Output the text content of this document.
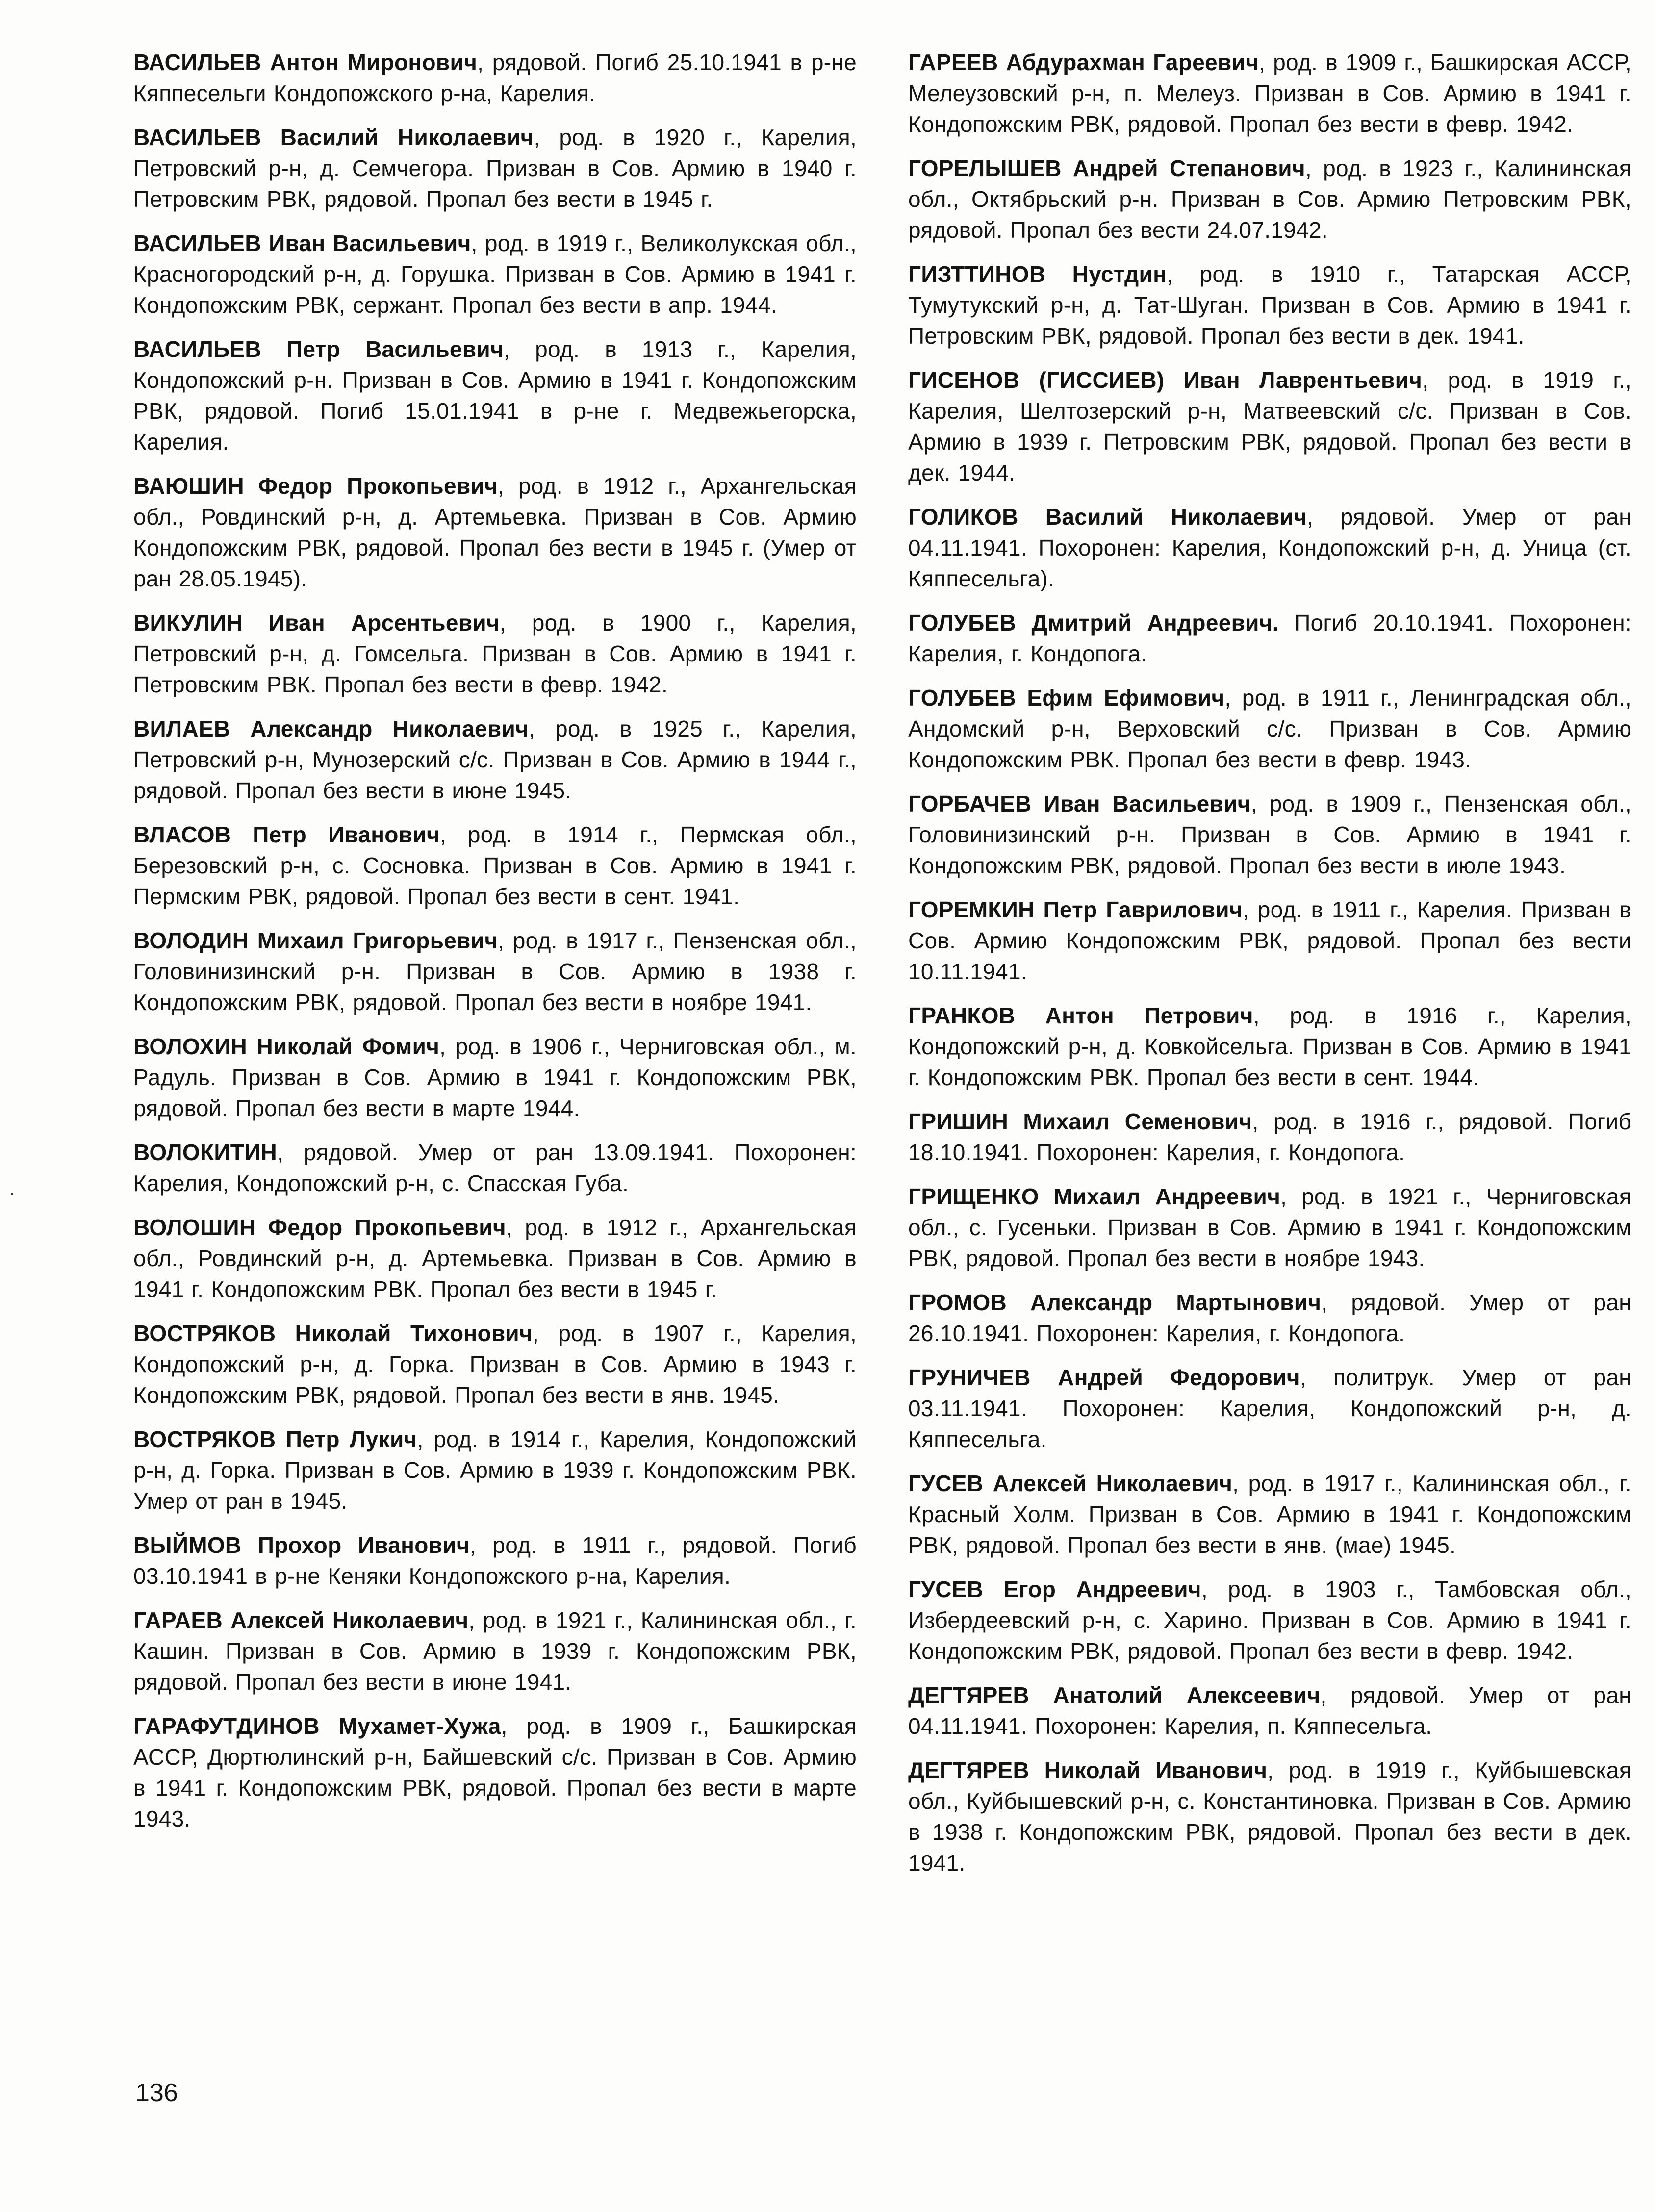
ВАСИЛЬЕВ Антон Миронович, рядовой. Погиб 25.10.1941 в р-не Кяппесельги Кондопожского р-на, Карелия.

ВАСИЛЬЕВ Василий Николаевич, род. в 1920 г., Карелия, Петровский р-н, д. Семчегора. Призван в Сов. Армию в 1940 г. Петровским РВК, рядовой. Пропал без вести в 1945 г.

ВАСИЛЬЕВ Иван Васильевич, род. в 1919 г., Великолукская обл., Красногородский р-н, д. Горушка. Призван в Сов. Армию в 1941 г. Кондопожским РВК, сержант. Пропал без вести в апр. 1944.

ВАСИЛЬЕВ Петр Васильевич, род. в 1913 г., Карелия, Кондопожский р-н. Призван в Сов. Армию в 1941 г. Кондопожским РВК, рядовой. Погиб 15.01.1941 в р-не г. Медвежьегорска, Карелия.

ВАЮШИН Федор Прокопьевич, род. в 1912 г., Архангельская обл., Ровдинский р-н, д. Артемьевка. Призван в Сов. Армию Кондопожским РВК, рядовой. Пропал без вести в 1945 г. (Умер от ран 28.05.1945).

ВИКУЛИН Иван Арсентьевич, род. в 1900 г., Карелия, Петровский р-н, д. Гомсельга. Призван в Сов. Армию в 1941 г. Петровским РВК. Пропал без вести в февр. 1942.

ВИЛАЕВ Александр Николаевич, род. в 1925 г., Карелия, Петровский р-н, Мунозерский с/с. Призван в Сов. Армию в 1944 г., рядовой. Пропал без вести в июне 1945.

ВЛАСОВ Петр Иванович, род. в 1914 г., Пермская обл., Березовский р-н, с. Сосновка. Призван в Сов. Армию в 1941 г. Пермским РВК, рядовой. Пропал без вести в сент. 1941.

ВОЛОДИН Михаил Григорьевич, род. в 1917 г., Пензенская обл., Головинизинский р-н. Призван в Сов. Армию в 1938 г. Кондопожским РВК, рядовой. Пропал без вести в ноябре 1941.

ВОЛОХИН Николай Фомич, род. в 1906 г., Черниговская обл., м. Радуль. Призван в Сов. Армию в 1941 г. Кондопожским РВК, рядовой. Пропал без вести в марте 1944.

ВОЛОКИТИН, рядовой. Умер от ран 13.09.1941. Похоронен: Карелия, Кондопожский р-н, с. Спасская Губа.

ВОЛОШИН Федор Прокопьевич, род. в 1912 г., Архангельская обл., Ровдинский р-н, д. Артемьевка. Призван в Сов. Армию в 1941 г. Кондопожским РВК. Пропал без вести в 1945 г.

ВОСТРЯКОВ Николай Тихонович, род. в 1907 г., Карелия, Кондопожский р-н, д. Горка. Призван в Сов. Армию в 1943 г. Кондопожским РВК, рядовой. Пропал без вести в янв. 1945.

ВОСТРЯКОВ Петр Лукич, род. в 1914 г., Карелия, Кондопожский р-н, д. Горка. Призван в Сов. Армию в 1939 г. Кондопожским РВК. Умер от ран в 1945.

ВЫЙМОВ Прохор Иванович, род. в 1911 г., рядовой. Погиб 03.10.1941 в р-не Кеняки Кондопожского р-на, Карелия.

ГАРАЕВ Алексей Николаевич, род. в 1921 г., Калининская обл., г. Кашин. Призван в Сов. Армию в 1939 г. Кондопожским РВК, рядовой. Пропал без вести в июне 1941.

ГАРАФУТДИНОВ Мухамет-Хужа, род. в 1909 г., Башкирская АССР, Дюртюлинский р-н, Байшевский с/с. Призван в Сов. Армию в 1941 г. Кондопожским РВК, рядовой. Пропал без вести в марте 1943.

ГАРЕЕВ Абдурахман Гареевич, род. в 1909 г., Башкирская АССР, Мелеузовский р-н, п. Мелеуз. Призван в Сов. Армию в 1941 г. Кондопожским РВК, рядовой. Пропал без вести в февр. 1942.

ГОРЕЛЫШЕВ Андрей Степанович, род. в 1923 г., Калининская обл., Октябрьский р-н. Призван в Сов. Армию Петровским РВК, рядовой. Пропал без вести 24.07.1942.

ГИЗТТИНОВ Нустдин, род. в 1910 г., Татарская АССР, Тумутукский р-н, д. Тат-Шуган. Призван в Сов. Армию в 1941 г. Петровским РВК, рядовой. Пропал без вести в дек. 1941.

ГИСЕНОВ (ГИССИЕВ) Иван Лаврентьевич, род. в 1919 г., Карелия, Шелтозерский р-н, Матвеевский с/с. Призван в Сов. Армию в 1939 г. Петровским РВК, рядовой. Пропал без вести в дек. 1944.

ГОЛИКОВ Василий Николаевич, рядовой. Умер от ран 04.11.1941. Похоронен: Карелия, Кондопожский р-н, д. Уница (ст. Кяппесельга).

ГОЛУБЕВ Дмитрий Андреевич. Погиб 20.10.1941. Похоронен: Карелия, г. Кондопога.

ГОЛУБЕВ Ефим Ефимович, род. в 1911 г., Ленинградская обл., Андомский р-н, Верховский с/с. Призван в Сов. Армию Кондопожским РВК. Пропал без вести в февр. 1943.

ГОРБАЧЕВ Иван Васильевич, род. в 1909 г., Пензенская обл., Головинизинский р-н. Призван в Сов. Армию в 1941 г. Кондопожским РВК, рядовой. Пропал без вести в июле 1943.

ГОРЕМКИН Петр Гаврилович, род. в 1911 г., Карелия. Призван в Сов. Армию Кондопожским РВК, рядовой. Пропал без вести 10.11.1941.

ГРАНКОВ Антон Петрович, род. в 1916 г., Карелия, Кондопожский р-н, д. Ковкойсельга. Призван в Сов. Армию в 1941 г. Кондопожским РВК. Пропал без вести в сент. 1944.

ГРИШИН Михаил Семенович, род. в 1916 г., рядовой. Погиб 18.10.1941. Похоронен: Карелия, г. Кондопога.

ГРИЩЕНКО Михаил Андреевич, род. в 1921 г., Черниговская обл., с. Гусеньки. Призван в Сов. Армию в 1941 г. Кондопожским РВК, рядовой. Пропал без вести в ноябре 1943.

ГРОМОВ Александр Мартынович, рядовой. Умер от ран 26.10.1941. Похоронен: Карелия, г. Кондопога.

ГРУНИЧЕВ Андрей Федорович, политрук. Умер от ран 03.11.1941. Похоронен: Карелия, Кондопожский р-н, д. Кяппесельга.

ГУСЕВ Алексей Николаевич, род. в 1917 г., Калининская обл., г. Красный Холм. Призван в Сов. Армию в 1941 г. Кондопожским РВК, рядовой. Пропал без вести в янв. (мае) 1945.

ГУСЕВ Егор Андреевич, род. в 1903 г., Тамбовская обл., Избердеевский р-н, с. Харино. Призван в Сов. Армию в 1941 г. Кондопожским РВК, рядовой. Пропал без вести в февр. 1942.

ДЕГТЯРЕВ Анатолий Алексеевич, рядовой. Умер от ран 04.11.1941. Похоронен: Карелия, п. Кяппесельга.

ДЕГТЯРЕВ Николай Иванович, род. в 1919 г., Куйбышевская обл., Куйбышевский р-н, с. Константиновка. Призван в Сов. Армию в 1938 г. Кондопожским РВК, рядовой. Пропал без вести в дек. 1941.

136
